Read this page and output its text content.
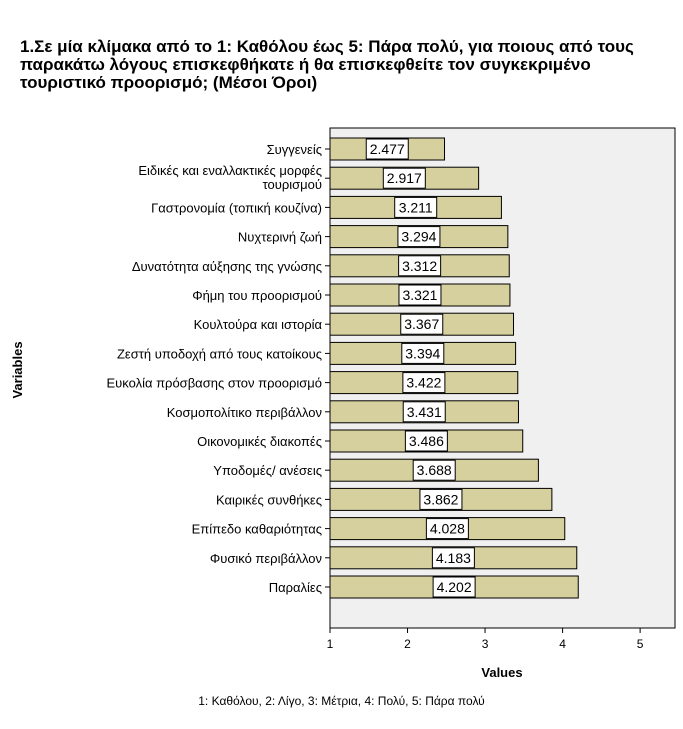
1.Σε μία κλίμακα από το 1: Καθόλου έως 5: Πάρα πολύ, για ποιους από τους παρακάτω λόγους επισκεφθήκατε ή θα επισκεφθείτε τον συγκεκριμένο τουριστικό προορισμό; (Μέσοι Όροι)
Συγγενείς	2.477
Ειδικές και εναλλακτικές μορφές τουρισμού	2.917
Γαστρονομία (τοπική κουζίνα)	3.211
Νυχτερινή ζωή	3.294
Δυνατότητα αύξησης της γνώσης	3.312
Φήμη του προορισμού	3.321
Κουλτούρα και ιστορία	3.367
Ζεστή υποδοχή από τους κατοίκους	3.394
Ευκολία πρόσβασης στον προορισμό	3.422
Κοσμοπολίτικο περιβάλλον	3.431
Οικονομικές διακοπές	3.486
Υποδομές/ ανέσεις	3.688
Καιρικές συνθήκες	3.862
Επίπεδο καθαριότητας	4.028
Φυσικό περιβάλλον	4.183
Παραλίες	4.202
1	2	3	4	5
Values
Variables
1: Καθόλου, 2: Λίγο, 3: Μέτρια, 4: Πολύ, 5: Πάρα πολύ
